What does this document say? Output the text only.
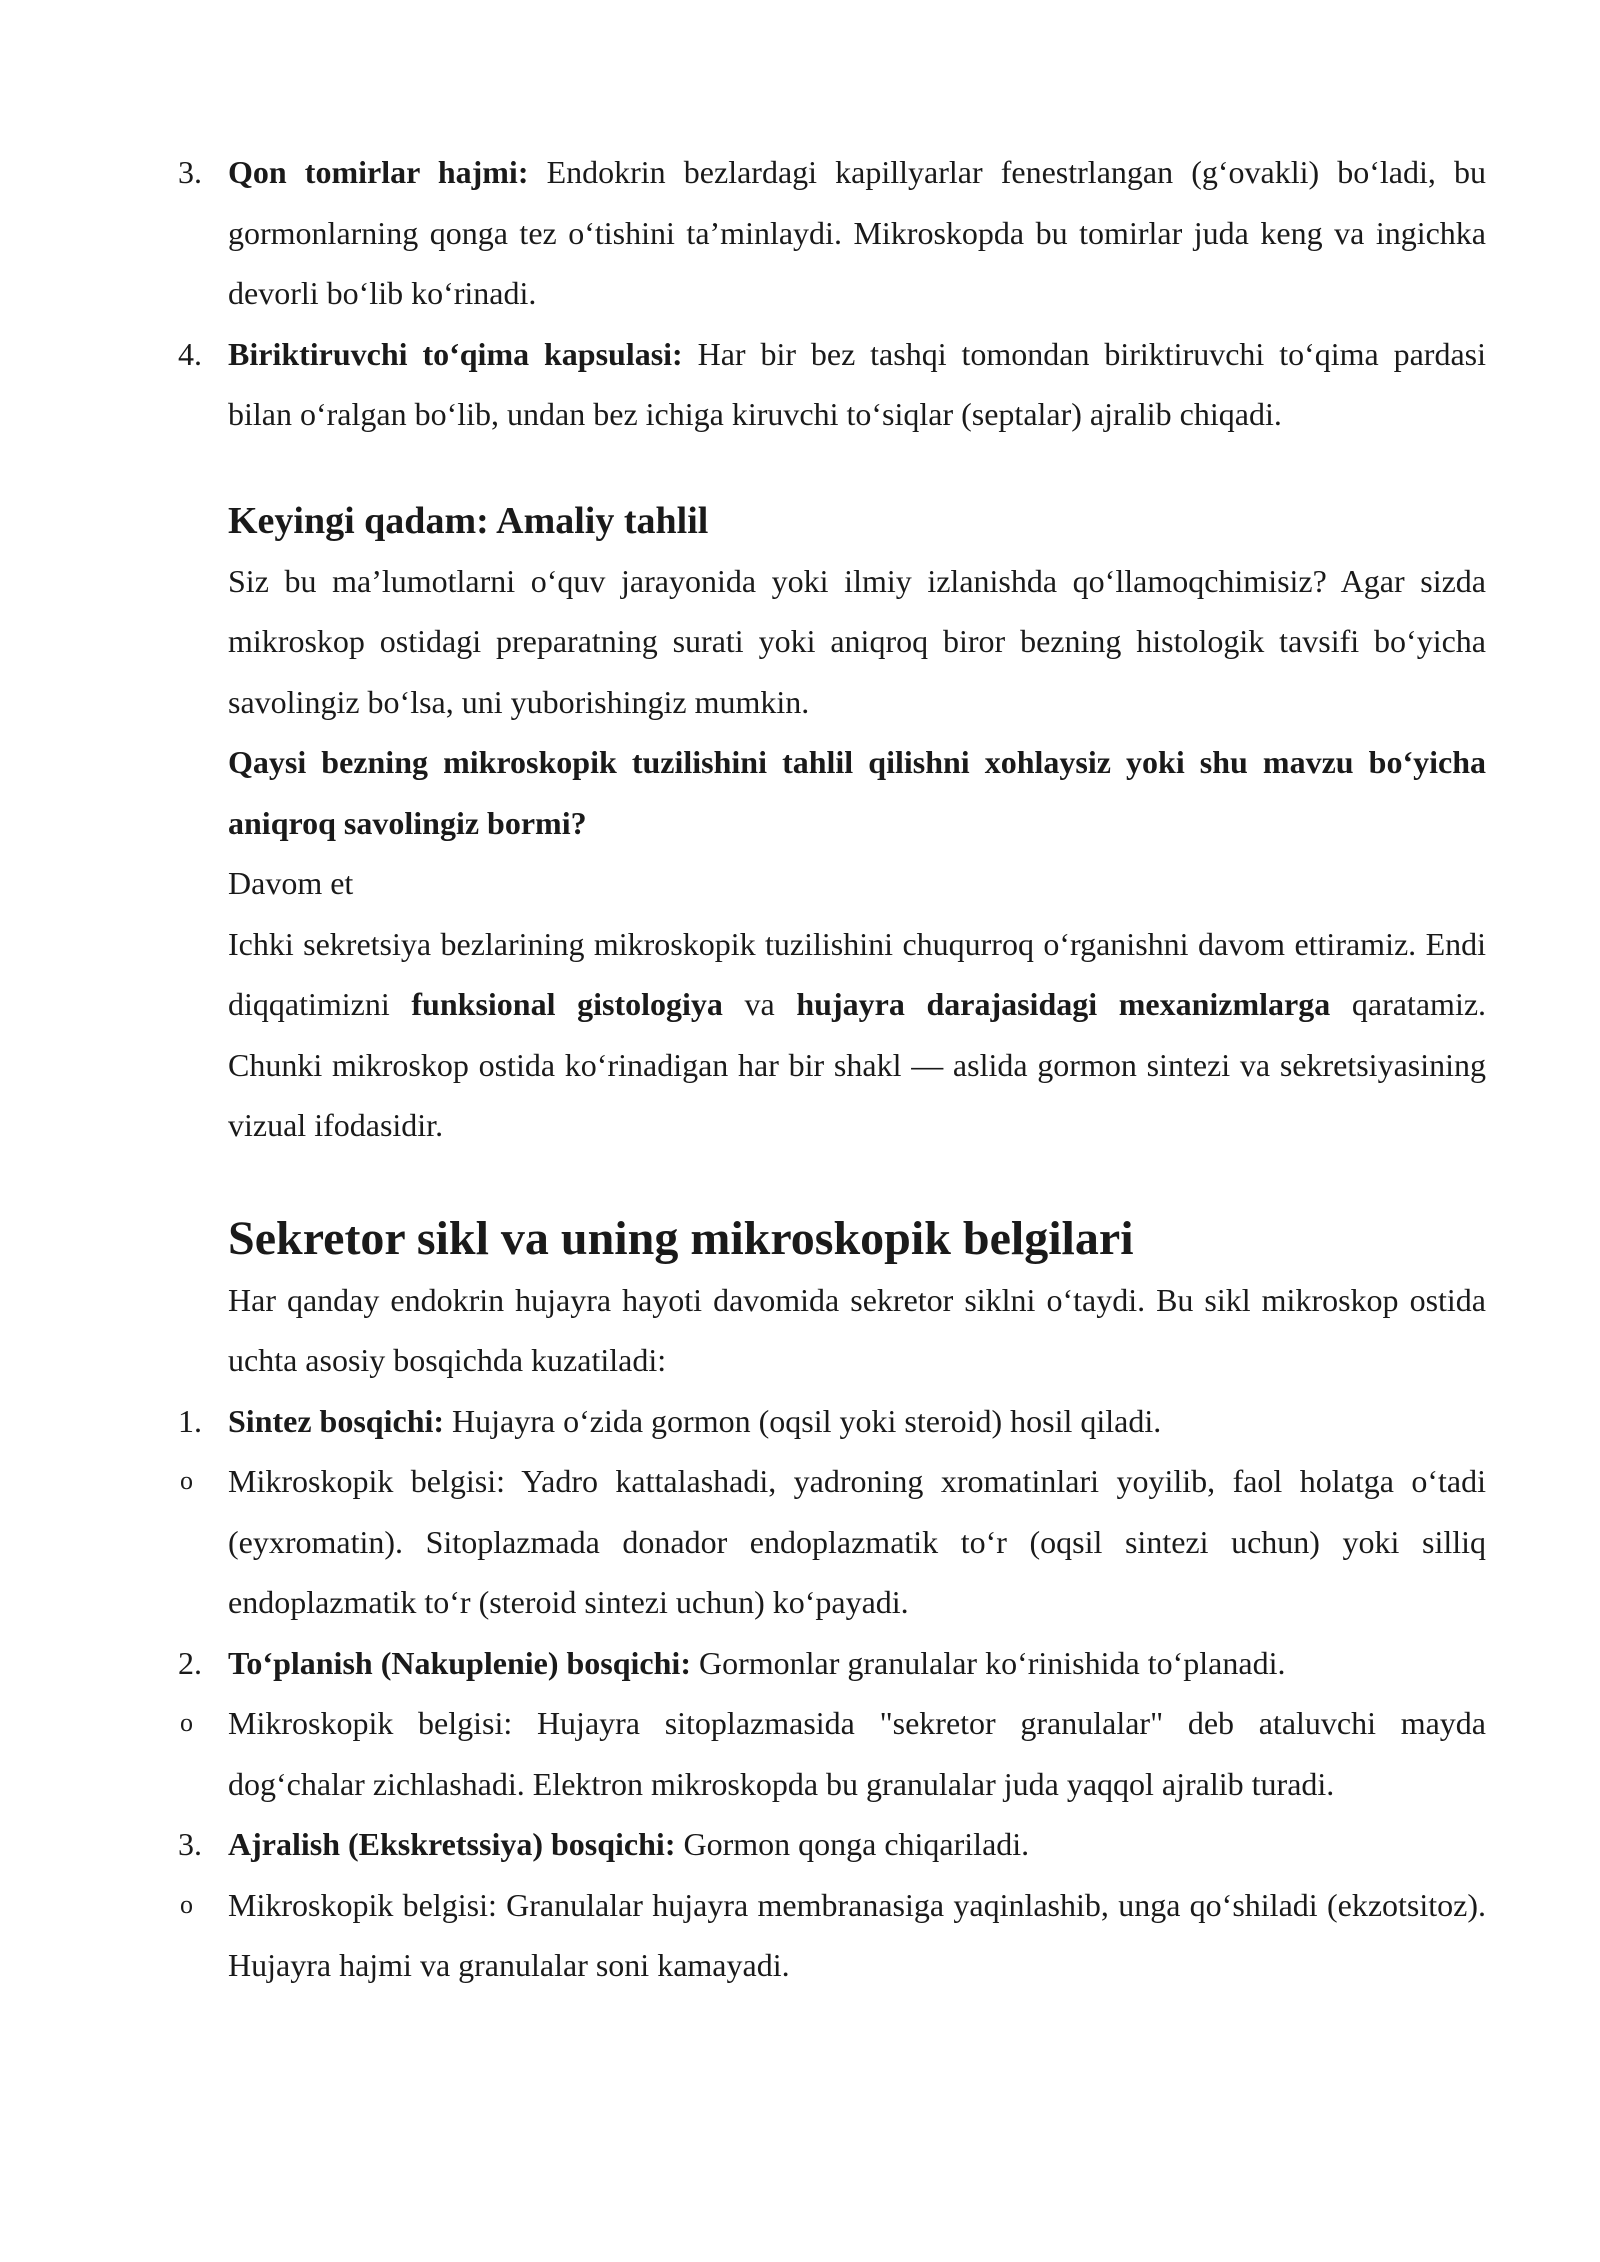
3. Qon tomirlar hajmi: Endokrin bezlardagi kapillyarlar fenestrlangan (g‘ovakli) bo‘ladi, bu gormonlarning qonga tez o‘tishini ta’minlaydi. Mikroskopda bu tomirlar juda keng va ingichka devorli bo‘lib ko‘rinadi.

4. Biriktiruvchi to‘qima kapsulasi: Har bir bez tashqi tomondan biriktiruvchi to‘qima pardasi bilan o‘ralgan bo‘lib, undan bez ichiga kiruvchi to‘siqlar (septalar) ajralib chiqadi.

Keyingi qadam: Amaliy tahlil

Siz bu ma’lumotlarni o‘quv jarayonida yoki ilmiy izlanishda qo‘llamoqchimisiz? Agar sizda mikroskop ostidagi preparatning surati yoki aniqroq biror bezning histologik tavsifi bo‘yicha savolingiz bo‘lsa, uni yuborishingiz mumkin.

Qaysi bezning mikroskopik tuzilishini tahlil qilishni xohlaysiz yoki shu mavzu bo‘yicha aniqroq savolingiz bormi?

Davom et

Ichki sekretsiya bezlarining mikroskopik tuzilishini chuqurroq o‘rganishni davom ettiramiz. Endi diqqatimizni funksional gistologiya va hujayra darajasidagi mexanizmlarga qaratamiz. Chunki mikroskop ostida ko‘rinadigan har bir shakl — aslida gormon sintezi va sekretsiyasining vizual ifodasidir.

Sekretor sikl va uning mikroskopik belgilari

Har qanday endokrin hujayra hayoti davomida sekretor siklni o‘taydi. Bu sikl mikroskop ostida uchta asosiy bosqichda kuzatiladi:

1. Sintez bosqichi: Hujayra o‘zida gormon (oqsil yoki steroid) hosil qiladi.

o	Mikroskopik belgisi: Yadro kattalashadi, yadroning xromatinlari yoyilib, faol holatga o‘tadi (eyxromatin). Sitoplazmada donador endoplazmatik to‘r (oqsil sintezi uchun) yoki silliq endoplazmatik to‘r (steroid sintezi uchun) ko‘payadi.

2. To‘planish (Nakuplenie) bosqichi: Gormonlar granulalar ko‘rinishida to‘planadi.

o	Mikroskopik belgisi: Hujayra sitoplazmasida "sekretor granulalar" deb ataluvchi mayda dog‘chalar zichlashadi. Elektron mikroskopda bu granulalar juda yaqqol ajralib turadi.

3. Ajralish (Ekskretssiya) bosqichi: Gormon qonga chiqariladi.

o	Mikroskopik belgisi: Granulalar hujayra membranasiga yaqinlashib, unga qo‘shiladi (ekzotsitoz). Hujayra hajmi va granulalar soni kamayadi.
